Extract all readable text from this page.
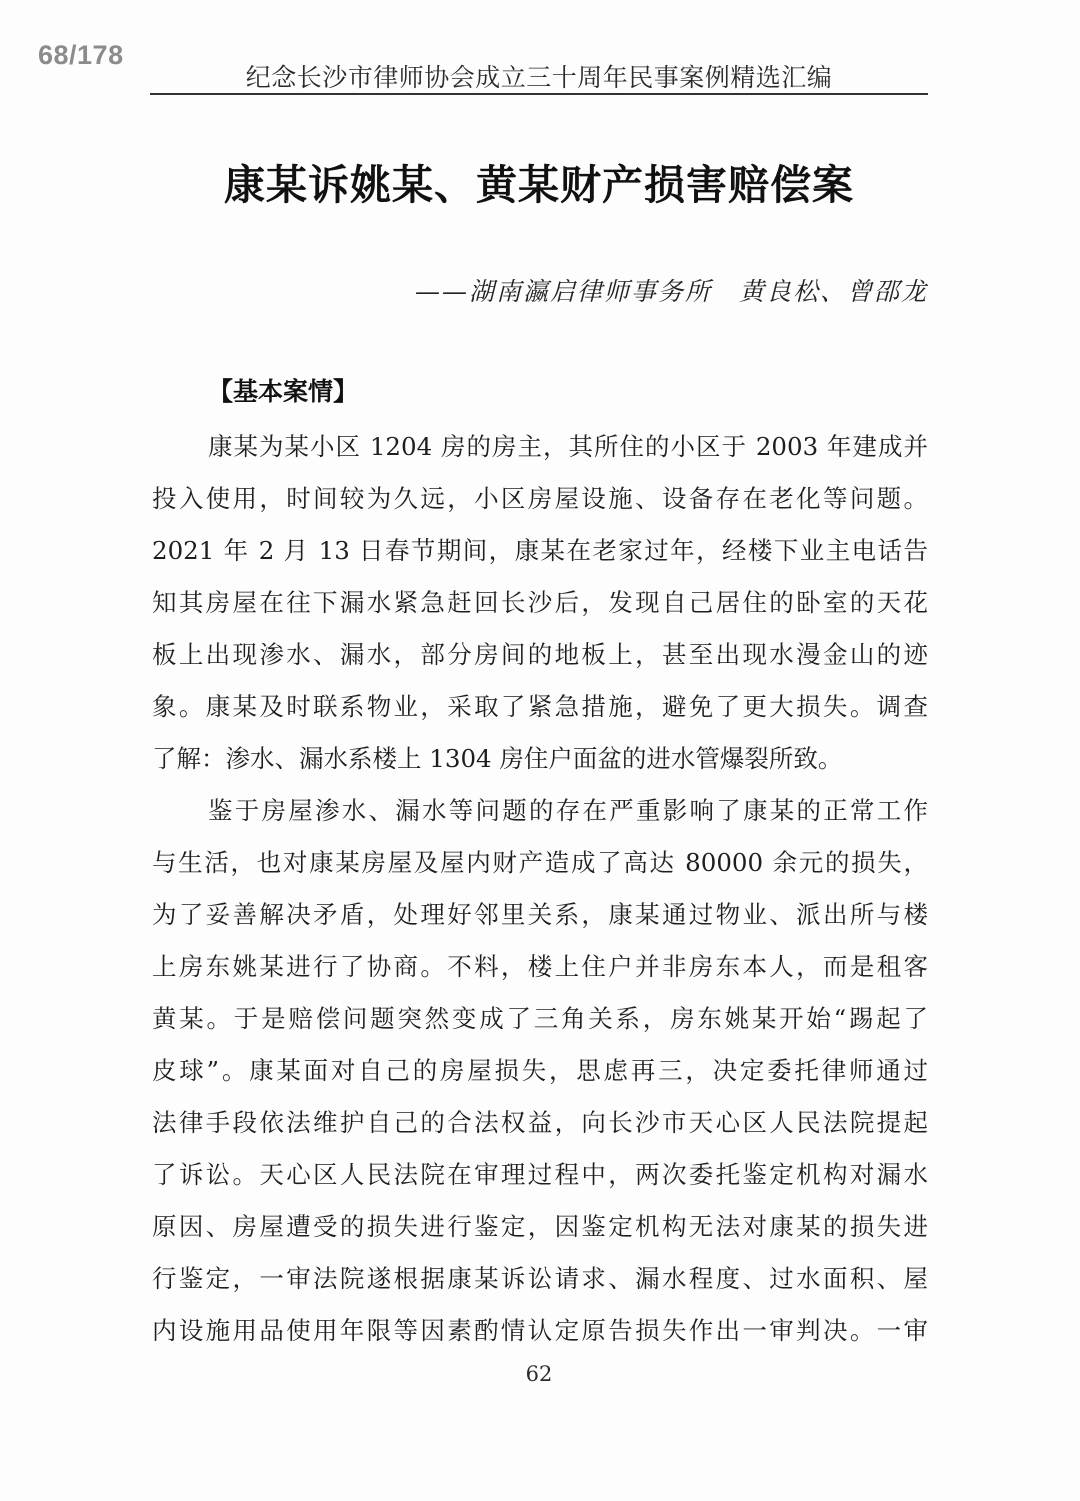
68/178
纪念长沙市律师协会成立三十周年民事案例精选汇编
康某诉姚某、黄某财产损害赔偿案
——湖南瀛启律师事务所　黄良松、曾邵龙
【基本案情】
康某为某小区 1204 房的房主，其所住的小区于 2003 年建成并
投入使用，时间较为久远，小区房屋设施、设备存在老化等问题。
2021 年 2 月 13 日春节期间，康某在老家过年，经楼下业主电话告
知其房屋在往下漏水紧急赶回长沙后，发现自己居住的卧室的天花
板上出现渗水、漏水，部分房间的地板上，甚至出现水漫金山的迹
象。康某及时联系物业，采取了紧急措施，避免了更大损失。调查
了解：渗水、漏水系楼上 1304 房住户面盆的进水管爆裂所致。
鉴于房屋渗水、漏水等问题的存在严重影响了康某的正常工作
与生活，也对康某房屋及屋内财产造成了高达 80000 余元的损失，
为了妥善解决矛盾，处理好邻里关系，康某通过物业、派出所与楼
上房东姚某进行了协商。不料，楼上住户并非房东本人，而是租客
黄某。于是赔偿问题突然变成了三角关系，房东姚某开始“踢起了
皮球”。康某面对自己的房屋损失，思虑再三，决定委托律师通过
法律手段依法维护自己的合法权益，向长沙市天心区人民法院提起
了诉讼。天心区人民法院在审理过程中，两次委托鉴定机构对漏水
原因、房屋遭受的损失进行鉴定，因鉴定机构无法对康某的损失进
行鉴定，一审法院遂根据康某诉讼请求、漏水程度、过水面积、屋
内设施用品使用年限等因素酌情认定原告损失作出一审判决。一审
62
